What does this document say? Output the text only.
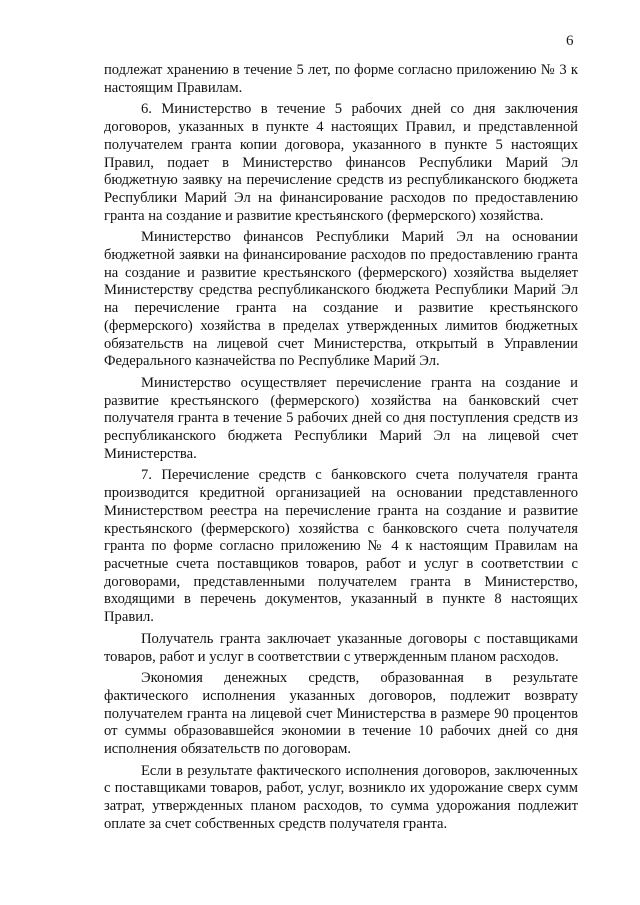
6

подлежат хранению в течение 5 лет, по форме согласно приложению № 3 к настоящим Правилам.

6. Министерство в течение 5 рабочих дней со дня заключения договоров, указанных в пункте 4 настоящих Правил, и представленной получателем гранта копии договора, указанного в пункте 5 настоящих Правил, подает в Министерство финансов Республики Марий Эл бюджетную заявку на перечисление средств из республиканского бюджета Республики Марий Эл на финансирование расходов по предоставлению гранта на создание и развитие крестьянского (фермерского) хозяйства.

Министерство финансов Республики Марий Эл на основании бюджетной заявки на финансирование расходов по предоставлению гранта на создание и развитие крестьянского (фермерского) хозяйства выделяет Министерству средства республиканского бюджета Республики Марий Эл на перечисление гранта на создание и развитие крестьянского (фермерского) хозяйства в пределах утвержденных лимитов бюджетных обязательств на лицевой счет Министерства, открытый в Управлении Федерального казначейства по Республике Марий Эл.

Министерство осуществляет перечисление гранта на создание и развитие крестьянского (фермерского) хозяйства на банковский счет получателя гранта в течение 5 рабочих дней со дня поступления средств из республиканского бюджета Республики Марий Эл на лицевой счет Министерства.

7. Перечисление средств с банковского счета получателя гранта производится кредитной организацией на основании представленного Министерством реестра на перечисление гранта на создание и развитие крестьянского (фермерского) хозяйства с банковского счета получателя гранта по форме согласно приложению № 4 к настоящим Правилам на расчетные счета поставщиков товаров, работ и услуг в соответствии с договорами, представленными получателем гранта в Министерство, входящими в перечень документов, указанный в пункте 8 настоящих Правил.

Получатель гранта заключает указанные договоры с поставщиками товаров, работ и услуг в соответствии с утвержденным планом расходов.

Экономия денежных средств, образованная в результате фактического исполнения указанных договоров, подлежит возврату получателем гранта на лицевой счет Министерства в размере 90 процентов от суммы образовавшейся экономии в течение 10 рабочих дней со дня исполнения обязательств по договорам.

Если в результате фактического исполнения договоров, заключенных с поставщиками товаров, работ, услуг, возникло их удорожание сверх сумм затрат, утвержденных планом расходов, то сумма удорожания подлежит оплате за счет собственных средств получателя гранта.
